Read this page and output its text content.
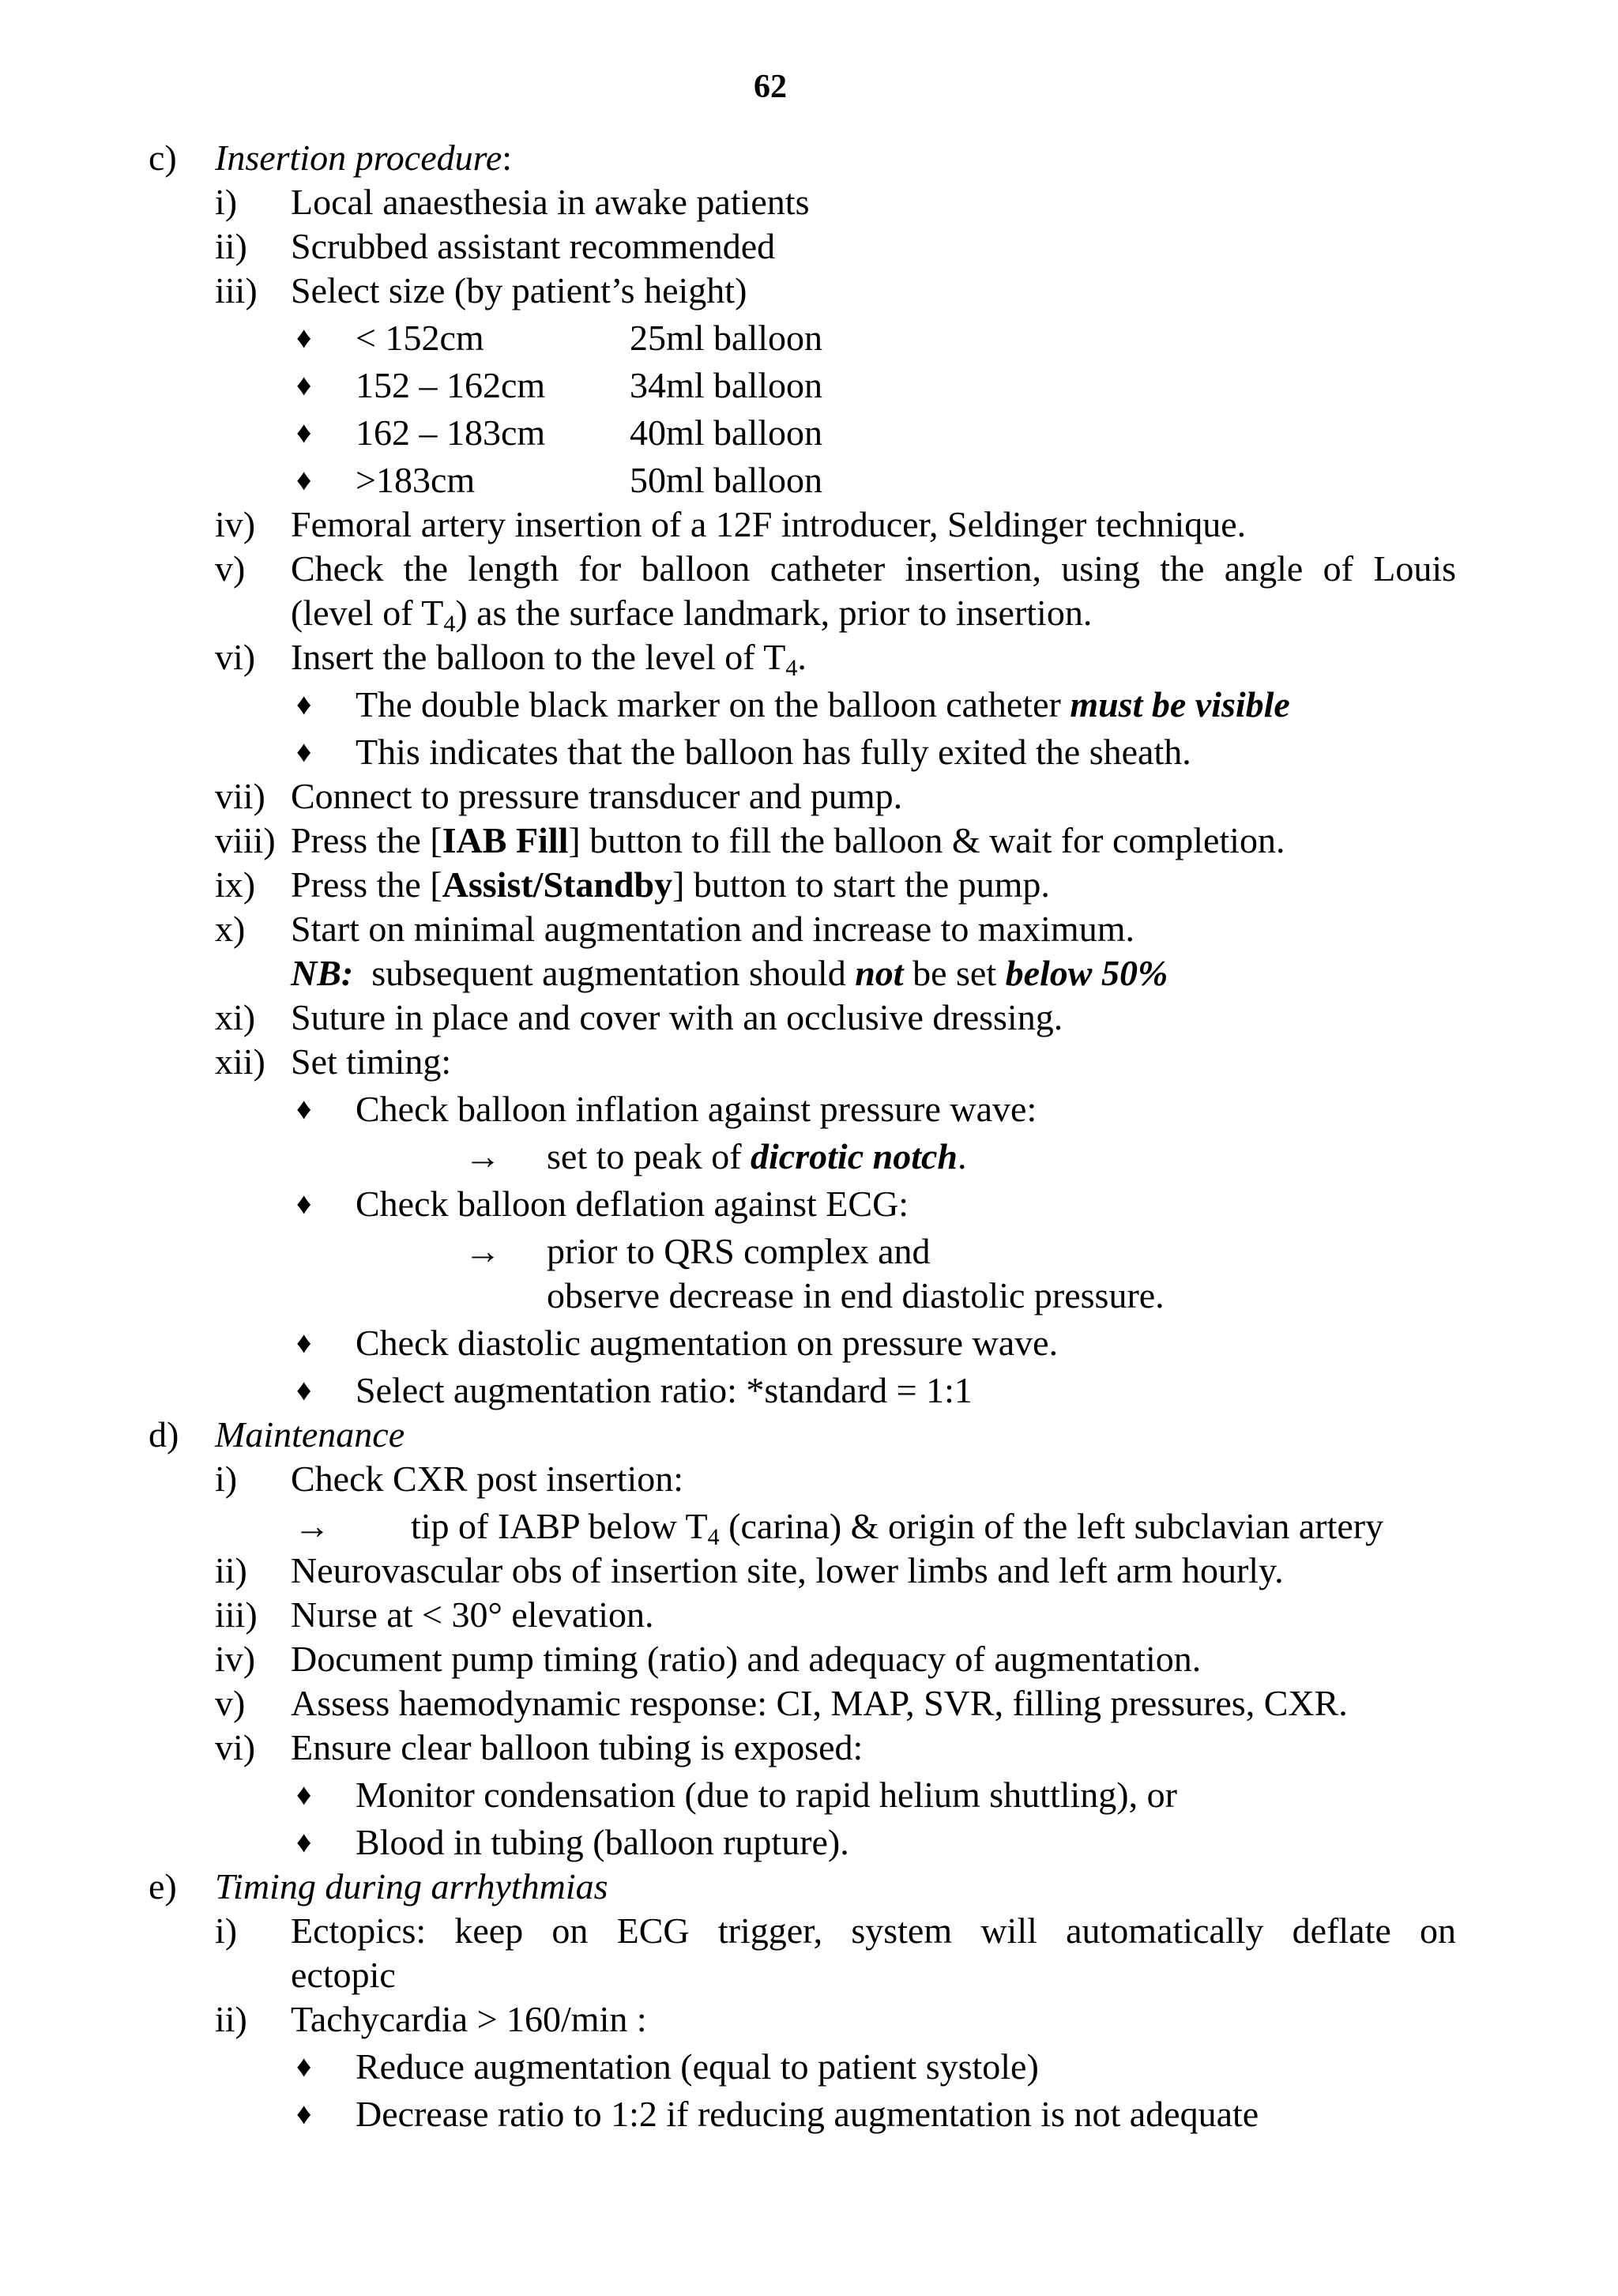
62
c) Insertion procedure:
i) Local anaesthesia in awake patients
ii) Scrubbed assistant recommended
iii) Select size (by patient’s height)
♦ < 152cm	25ml balloon
♦ 152 – 162cm 34ml balloon
♦ 162 – 183cm 40ml balloon
♦ >183cm	50ml balloon
iv) Femoral artery insertion of a 12F introducer, Seldinger technique.
v) Check the length for balloon catheter insertion, using the angle of Louis
(level of $T_4$) as the surface landmark, prior to insertion.
vi) Insert the balloon to the level of $T_4$.
♦ The double black marker on the balloon catheter must be visible
♦ This indicates that the balloon has fully exited the sheath.
vii) Connect to pressure transducer and pump.
viii) Press the [IAB Fill] button to fill the balloon & wait for completion.
ix) Press the [Assist/Standby] button to start the pump.
x) Start on minimal augmentation and increase to maximum.
NB:  subsequent augmentation should not be set below 50%
xi) Suture in place and cover with an occlusive dressing.
xii) Set timing:
♦ Check balloon inflation against pressure wave:
→ set to peak of dicrotic notch.
♦ Check balloon deflation against ECG:
→ prior to QRS complex and
observe decrease in end diastolic pressure.
♦ Check diastolic augmentation on pressure wave.
♦ Select augmentation ratio: *standard = 1:1
d) Maintenance
i) Check CXR post insertion:
→ tip of IABP below $T_4$ (carina) & origin of the left subclavian artery
ii) Neurovascular obs of insertion site, lower limbs and left arm hourly.
iii) Nurse at < 30° elevation.
iv) Document pump timing (ratio) and adequacy of augmentation.
v) Assess haemodynamic response: CI, MAP, SVR, filling pressures, CXR.
vi) Ensure clear balloon tubing is exposed:
♦ Monitor condensation (due to rapid helium shuttling), or
♦ Blood in tubing (balloon rupture).
e) Timing during arrhythmias
i) Ectopics: keep on ECG trigger, system will automatically deflate on
ectopic
ii) Tachycardia > 160/min :
♦ Reduce augmentation (equal to patient systole)
♦ Decrease ratio to 1:2 if reducing augmentation is not adequate
